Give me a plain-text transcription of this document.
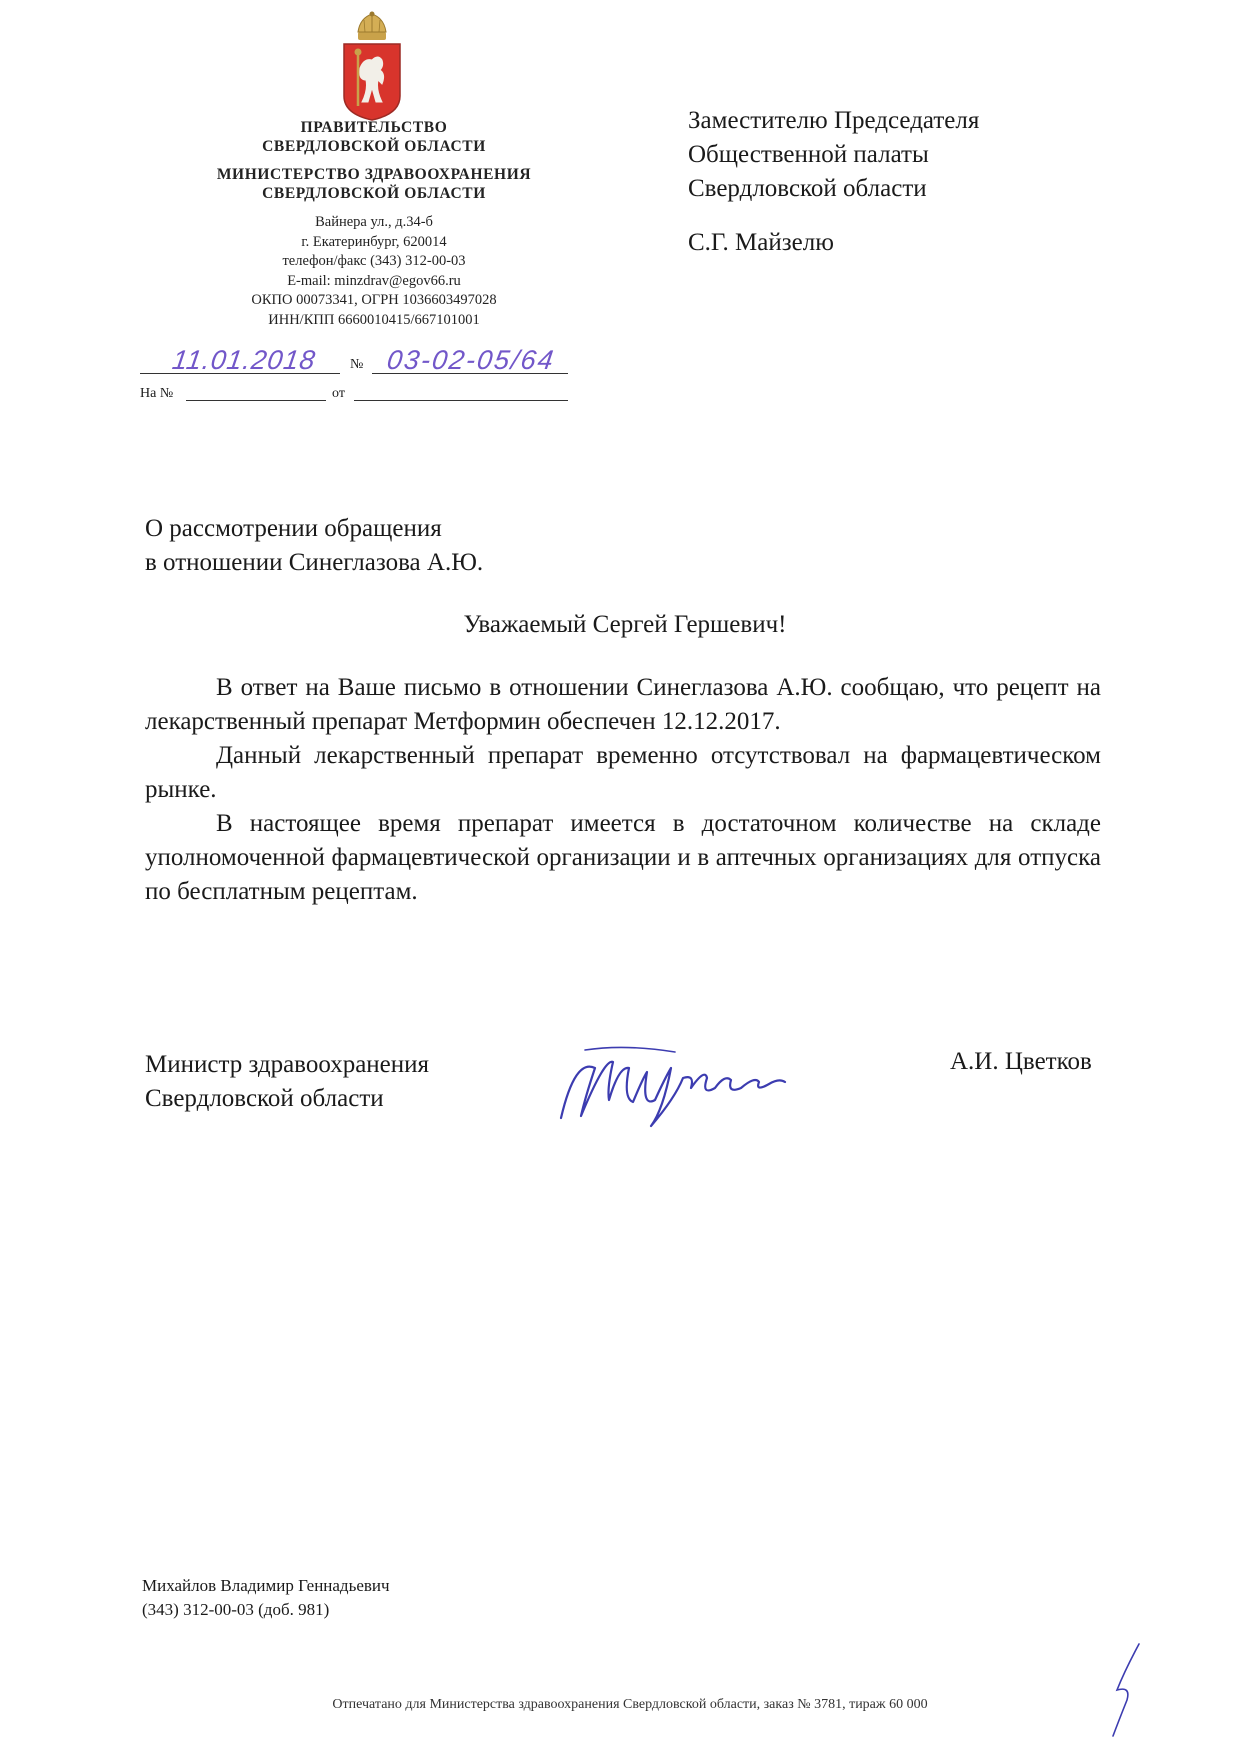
ПРАВИТЕЛЬСТВО
СВЕРДЛОВСКОЙ ОБЛАСТИ
МИНИСТЕРСТВО ЗДРАВООХРАНЕНИЯ
СВЕРДЛОВСКОЙ ОБЛАСТИ
Вайнера ул., д.34-б
г. Екатеринбург, 620014
телефон/факс (343) 312-00-03
E-mail: minzdrav@egov66.ru
ОКПО 00073341, ОГРН 1036603497028
ИНН/КПП 6660010415/667101001
11.01.2018	№ 03-02-05/64
На №	от
Заместителю Председателя
Общественной палаты
Свердловской области
С.Г. Майзелю
О рассмотрении обращения
в отношении Синеглазова А.Ю.
Уважаемый Сергей Гершевич!

В ответ на Ваше письмо в отношении Синеглазова А.Ю. сообщаю, что рецепт на лекарственный препарат Метформин обеспечен 12.12.2017.

Данный лекарственный препарат временно отсутствовал на фармацевтическом рынке.

В настоящее время препарат имеется в достаточном количестве на складе уполномоченной фармацевтической организации и в аптечных организациях для отпуска по бесплатным рецептам.

Министр здравоохранения
Свердловской области
А.И. Цветков
Михайлов Владимир Геннадьевич
(343) 312-00-03 (доб. 981)
Отпечатано для Министерства здравоохранения Свердловской области, заказ № 3781, тираж 60 000
